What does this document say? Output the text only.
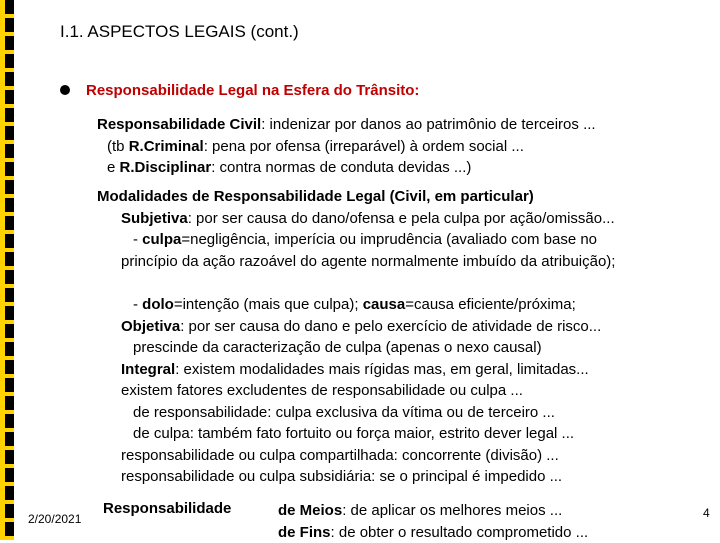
I.1. ASPECTOS LEGAIS (cont.)
Responsabilidade Legal na Esfera do Trânsito:
Responsabilidade Civil: indenizar por danos ao patrimônio de terceiros ...
(tb R.Criminal: pena por ofensa (irreparável) à ordem social ...
e R.Disciplinar: contra normas de conduta devidas ...)
Modalidades de Responsabilidade Legal (Civil, em particular)
Subjetiva: por ser causa do dano/ofensa e pela culpa por ação/omissão...
- culpa=negligência, imperícia ou imprudência (avaliado com base no
princípio da ação razoável do agente normalmente imbuído da atribuição);
- dolo=intenção (mais que culpa); causa=causa eficiente/próxima;
Objetiva: por ser causa do dano e pelo exercício de atividade de risco...
prescinde da caracterização de culpa (apenas o nexo causal)
Integral: existem modalidades mais rígidas mas, em geral, limitadas...
existem fatores excludentes de responsabilidade ou culpa ...
de responsabilidade: culpa exclusiva da vítima ou de terceiro ...
de culpa: também fato fortuito ou força maior, estrito dever legal ...
responsabilidade ou culpa compartilhada: concorrente (divisão) ...
responsabilidade ou culpa subsidiária: se o principal é impedido ...
Responsabilidade	de Meios: de aplicar os melhores meios ...
de Fins: de obter o resultado comprometido ...
2/20/2021	4
